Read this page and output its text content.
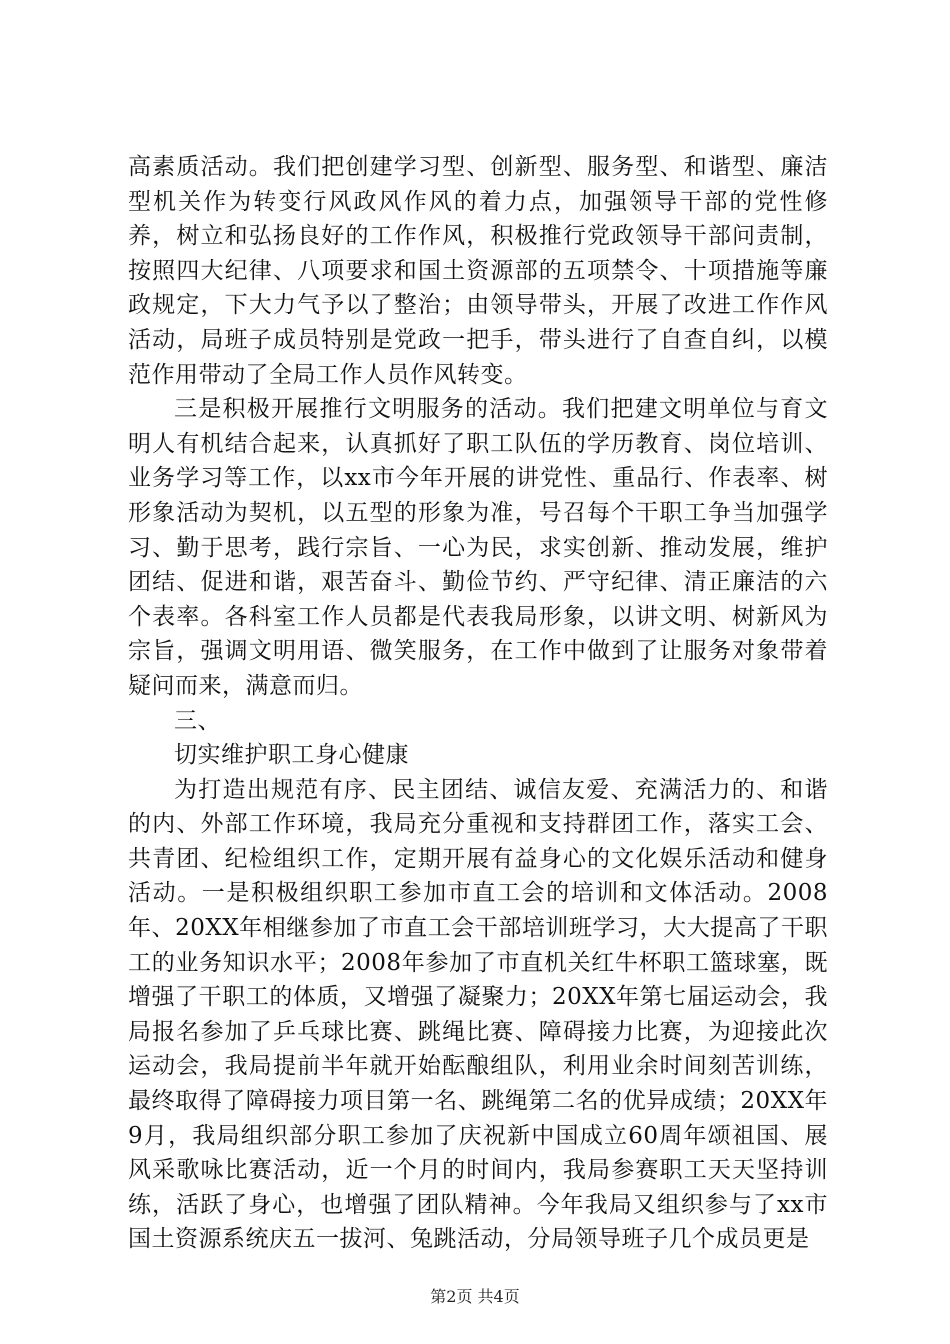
高素质活动。我们把创建学习型、创新型、服务型、和谐型、廉洁型机关作为转变行风政风作风的着力点，加强领导干部的党性修养，树立和弘扬良好的工作作风，积极推行党政领导干部问责制，按照四大纪律、八项要求和国土资源部的五项禁令、十项措施等廉政规定，下大力气予以了整治；由领导带头，开展了改进工作作风活动，局班子成员特别是党政一把手，带头进行了自查自纠，以模范作用带动了全局工作人员作风转变。

三是积极开展推行文明服务的活动。我们把建文明单位与育文明人有机结合起来，认真抓好了职工队伍的学历教育、岗位培训、业务学习等工作，以xx市今年开展的讲党性、重品行、作表率、树形象活动为契机，以五型的形象为准，号召每个干职工争当加强学习、勤于思考，践行宗旨、一心为民，求实创新、推动发展，维护团结、促进和谐，艰苦奋斗、勤俭节约、严守纪律、清正廉洁的六个表率。各科室工作人员都是代表我局形象，以讲文明、树新风为宗旨，强调文明用语、微笑服务，在工作中做到了让服务对象带着疑问而来，满意而归。

三、

切实维护职工身心健康

为打造出规范有序、民主团结、诚信友爱、充满活力的、和谐的内、外部工作环境，我局充分重视和支持群团工作，落实工会、共青团、纪检组织工作，定期开展有益身心的文化娱乐活动和健身活动。一是积极组织职工参加市直工会的培训和文体活动。2008年、20XX年相继参加了市直工会干部培训班学习，大大提高了干职工的业务知识水平；2008年参加了市直机关红牛杯职工篮球塞，既增强了干职工的体质，又增强了凝聚力；20XX年第七届运动会，我局报名参加了乒乓球比赛、跳绳比赛、障碍接力比赛，为迎接此次运动会，我局提前半年就开始酝酿组队，利用业余时间刻苦训练，最终取得了障碍接力项目第一名、跳绳第二名的优异成绩；20XX年9月，我局组织部分职工参加了庆祝新中国成立60周年颂祖国、展风采歌咏比赛活动，近一个月的时间内，我局参赛职工天天坚持训练，活跃了身心，也增强了团队精神。今年我局又组织参与了xx市国土资源系统庆五一拔河、兔跳活动，分局领导班子几个成员更是

第2页 共4页
